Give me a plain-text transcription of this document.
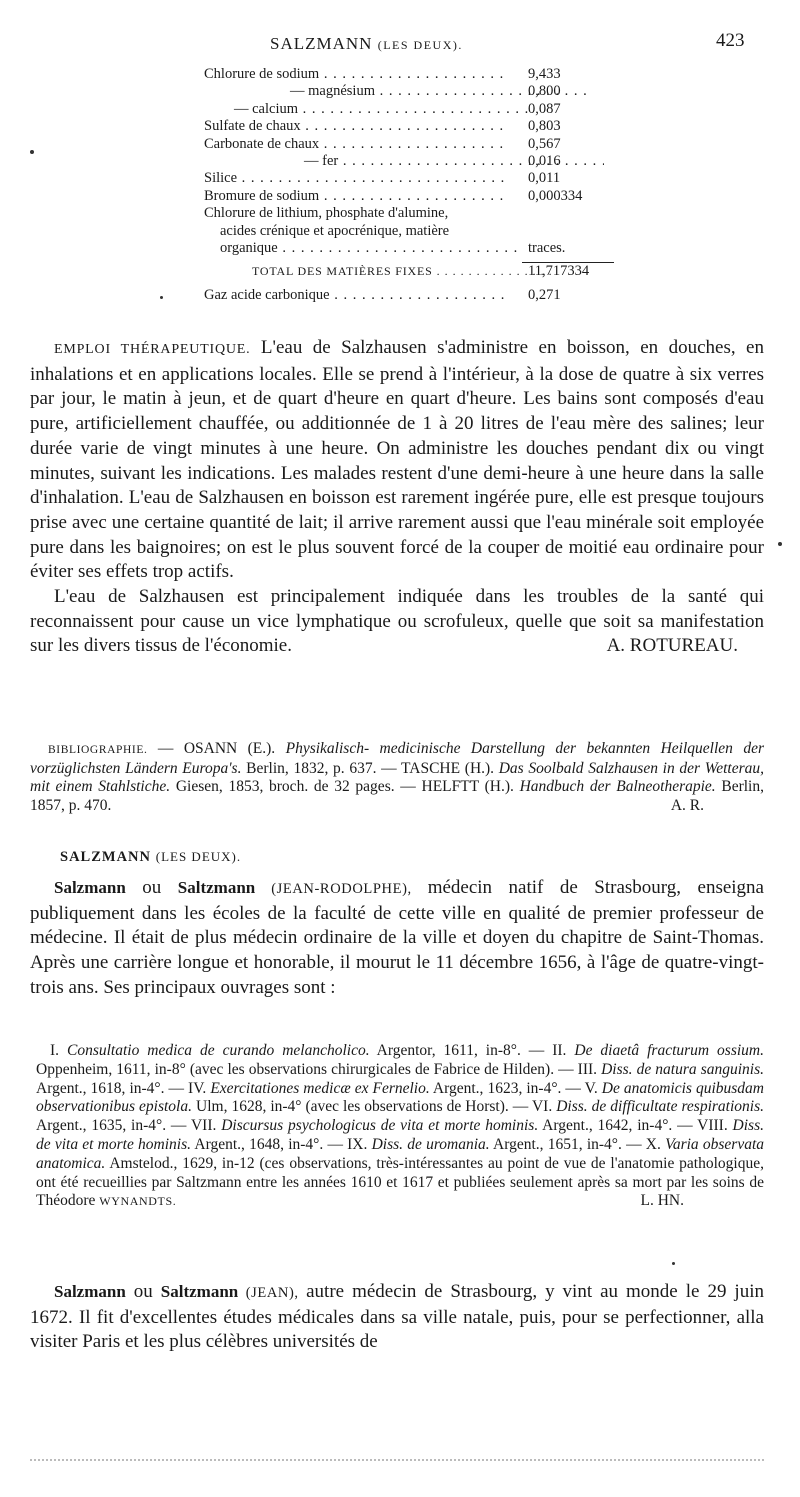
SALZMANN (LES DEUX).	423
Chlorure de sodium . . .	9,433
— magnésium . . .	0,800
— calcium . . .	0,087
Sulfate de chaux . . .	0,803
Carbonate de chaux . . .	0,567
— fer . . .	0,016
Silice . . .	0,011
Bromure de sodium . . .	0,000334
Chlorure de lithium, phosphate d'alumine,
acides crénique et apocrénique, matière
organique . . .	traces.
TOTAL DES MATIÈRES FIXES . . .	11,717334
Gaz acide carbonique . . .	0,271

EMPLOI THÉRAPEUTIQUE. L'eau de Salzhausen s'administre en boisson, en douches, en inhalations et en applications locales. Elle se prend à l'intérieur, à la dose de quatre à six verres par jour, le matin à jeun, et de quart d'heure en quart d'heure. Les bains sont composés d'eau pure, artificiellement chauffée, ou additionnée de 1 à 20 litres de l'eau mère des salines; leur durée varie de vingt minutes à une heure. On administre les douches pendant dix ou vingt minutes, suivant les indications. Les malades restent d'une demi-heure à une heure dans la salle d'inhalation. L'eau de Salzhausen en boisson est rarement ingérée pure, elle est presque toujours prise avec une certaine quantité de lait; il arrive rarement aussi que l'eau minérale soit employée pure dans les baignoires; on est le plus souvent forcé de la couper de moitié eau ordinaire pour éviter ses effets trop actifs.

L'eau de Salzhausen est principalement indiquée dans les troubles de la santé qui reconnaissent pour cause un vice lymphatique ou scrofuleux, quelle que soit sa manifestation sur les divers tissus de l'économie.	A. ROTUREAU.

BIBLIOGRAPHIE. — OSANN (E.). Physikalisch- medicinische Darstellung der bekannten Heilquellen der vorzüglichsten Ländern Europa's. Berlin, 1832, p. 637. — TASCHE (H.). Das Soolbald Salzhausen in der Wetterau, mit einem Stahlstiche. Giesen, 1853, broch. de 32 pages. — HELFTT (H.). Handbuch der Balneotherapie. Berlin, 1857, p. 470.	A. R.

SALZMANN (LES DEUX).

Salzmann ou Saltzmann (JEAN-RODOLPHE), médecin natif de Strasbourg, enseigna publiquement dans les écoles de la faculté de cette ville en qualité de premier professeur de médecine. Il était de plus médecin ordinaire de la ville et doyen du chapitre de Saint-Thomas. Après une carrière longue et honorable, il mourut le 11 décembre 1656, à l'âge de quatre-vingt-trois ans. Ses principaux ouvrages sont :

I. Consultatio medica de curando melancholico. Argentor, 1611, in-8°. — II. De diaetâ fracturum ossium. Oppenheim, 1611, in-8° (avec les observations chirurgicales de Fabrice de Hilden). — III. Diss. de natura sanguinis. Argent., 1618, in-4°. — IV. Exercitationes medicæ ex Fernelio. Argent., 1623, in-4°. — V. De anatomicis quibusdam observationibus epistola. Ulm, 1628, in-4° (avec les observations de Horst). — VI. Diss. de difficultate respirationis. Argent., 1635, in-4°. — VII. Discursus psychologicus de vita et morte hominis. Argent., 1642, in-4°. — VIII. Diss. de vita et morte hominis. Argent., 1648, in-4°. — IX. Diss. de uromania. Argent., 1651, in-4°. — X. Varia observata anatomica. Amstelod., 1629, in-12 (ces observations, très-intéressantes au point de vue de l'anatomie pathologique, ont été recueillies par Saltzmann entre les années 1610 et 1617 et publiées seulement après sa mort par les soins de Théodore WYNANDTS.	L. HN.

Salzmann ou Saltzmann (JEAN), autre médecin de Strasbourg, y vint au monde le 29 juin 1672. Il fit d'excellentes études médicales dans sa ville natale, puis, pour se perfectionner, alla visiter Paris et les plus célèbres universités de
